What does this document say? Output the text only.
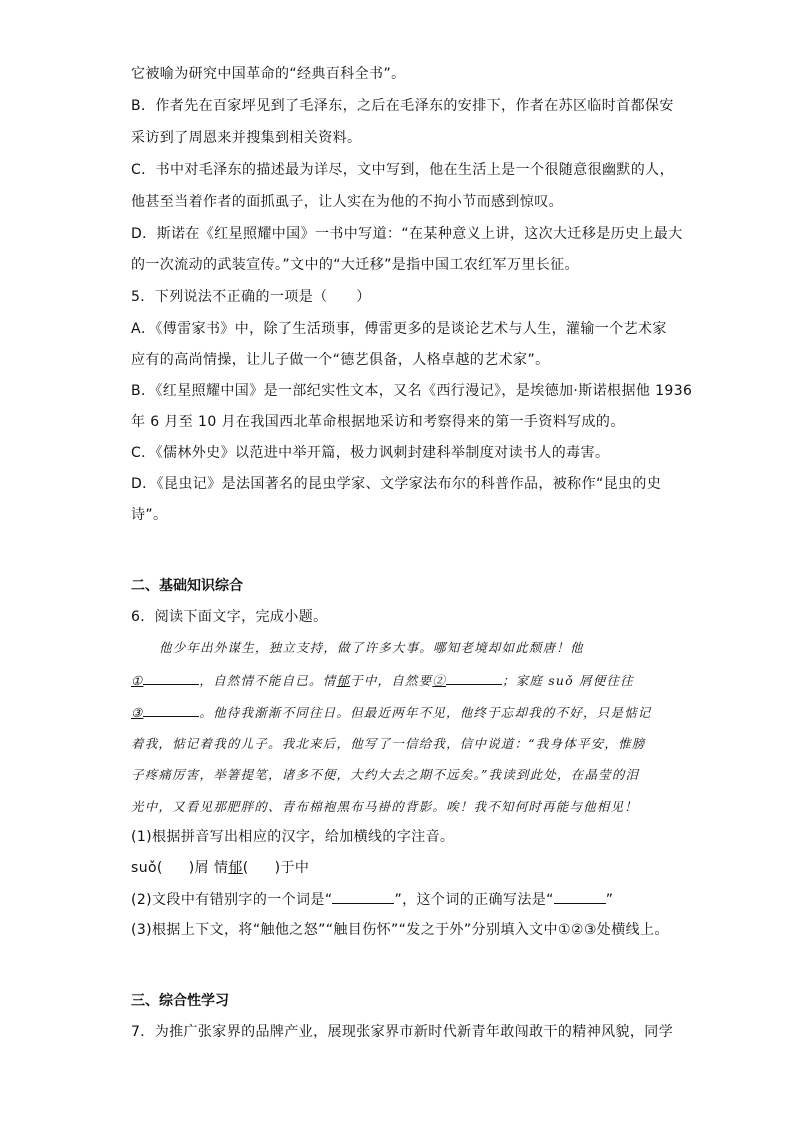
它被喻为研究中国革命的“经典百科全书”。
B．作者先在百家坪见到了毛泽东，之后在毛泽东的安排下，作者在苏区临时首都保安
采访到了周恩来并搜集到相关资料。
C．书中对毛泽东的描述最为详尽，文中写到，他在生活上是一个很随意很幽默的人，
他甚至当着作者的面抓虱子，让人实在为他的不拘小节而感到惊叹。
D．斯诺在《红星照耀中国》一书中写道：“在某种意义上讲，这次大迁移是历史上最大
的一次流动的武装宣传。”文中的“大迁移”是指中国工农红军万里长征。
5．下列说法不正确的一项是（　　）
A．《傅雷家书》中，除了生活琐事，傅雷更多的是谈论艺术与人生，灌输一个艺术家
应有的高尚情操，让儿子做一个“德艺俱备，人格卓越的艺术家”。
B．《红星照耀中国》是一部纪实性文本，又名《西行漫记》，是埃德加·斯诺根据他 1936
年 6 月至 10 月在我国西北革命根据地采访和考察得来的第一手资料写成的。
C．《儒林外史》以范进中举开篇，极力讽刺封建科举制度对读书人的毒害。
D．《昆虫记》是法国著名的昆虫学家、文学家法布尔的科普作品，被称作“昆虫的史
诗”。
二、基础知识综合
6．阅读下面文字，完成小题。
他少年出外谋生，独立支持，做了许多大事。哪知老境却如此颓唐！他
①	，自然情不能自已。情郁于中，自然要②	；家庭 suǒ 屑便往往
③	。他待我渐渐不同往日。但最近两年不见，他终于忘却我的不好，只是惦记
着我，惦记着我的儿子。我北来后，他写了一信给我，信中说道：“我身体平安，惟膀
子疼痛厉害，举箸提笔，诸多不便，大约大去之期不远矣。”我读到此处，在晶莹的泪
光中，又看见那肥胖的、青布棉袍黑布马褂的背影。唉！我不知何时再能与他相见！
(1)根据拼音写出相应的汉字，给加横线的字注音。
suǒ( )屑 情郁( )于中
(2)文段中有错别字的一个词是“	”，这个词的正确写法是“	”
(3)根据上下文，将“触他之怒”“触目伤怀”“发之于外”分别填入文中①②③处横线上。
三、综合性学习
7．为推广张家界的品牌产业，展现张家界市新时代新青年敢闯敢干的精神风貌，同学
